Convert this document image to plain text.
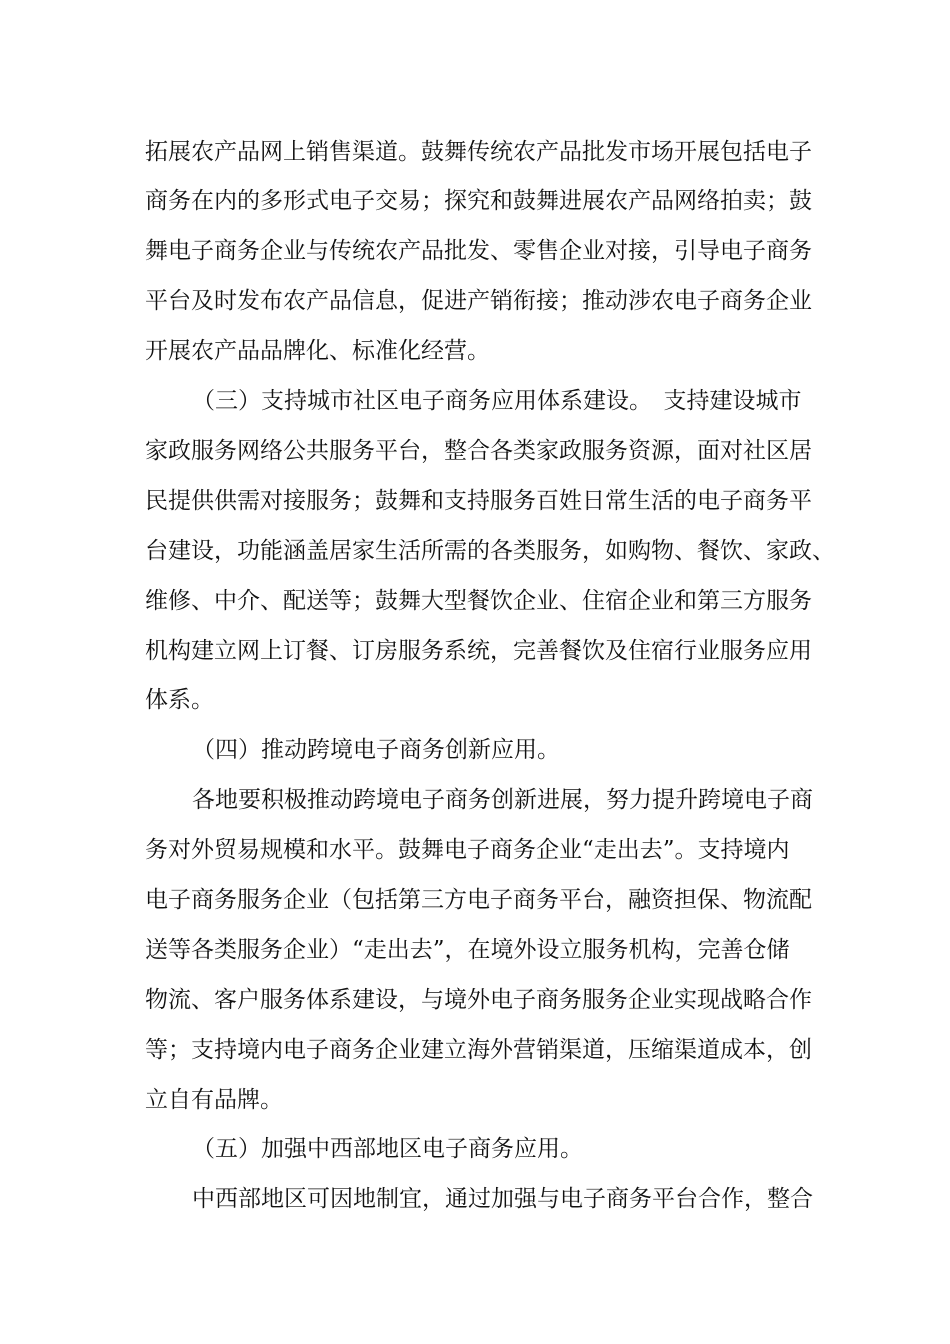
拓展农产品网上销售渠道。鼓舞传统农产品批发市场开展包括电子
商务在内的多形式电子交易；探究和鼓舞进展农产品网络拍卖；鼓
舞电子商务企业与传统农产品批发、零售企业对接，引导电子商务
平台及时发布农产品信息，促进产销衔接；推动涉农电子商务企业
开展农产品品牌化、标准化经营。
（三）支持城市社区电子商务应用体系建设。　支持建设城市
家政服务网络公共服务平台，整合各类家政服务资源，面对社区居
民提供供需对接服务；鼓舞和支持服务百姓日常生活的电子商务平
台建设，功能涵盖居家生活所需的各类服务，如购物、餐饮、家政、
维修、中介、配送等；鼓舞大型餐饮企业、住宿企业和第三方服务
机构建立网上订餐、订房服务系统，完善餐饮及住宿行业服务应用
体系。
（四）推动跨境电子商务创新应用。
各地要积极推动跨境电子商务创新进展，努力提升跨境电子商
务对外贸易规模和水平。鼓舞电子商务企业“走出去”。支持境内
电子商务服务企业（包括第三方电子商务平台，融资担保、物流配
送等各类服务企业）“走出去”，在境外设立服务机构，完善仓储
物流、客户服务体系建设，与境外电子商务服务企业实现战略合作
等；支持境内电子商务企业建立海外营销渠道，压缩渠道成本，创
立自有品牌。
（五）加强中西部地区电子商务应用。
中西部地区可因地制宜，通过加强与电子商务平台合作，整合
